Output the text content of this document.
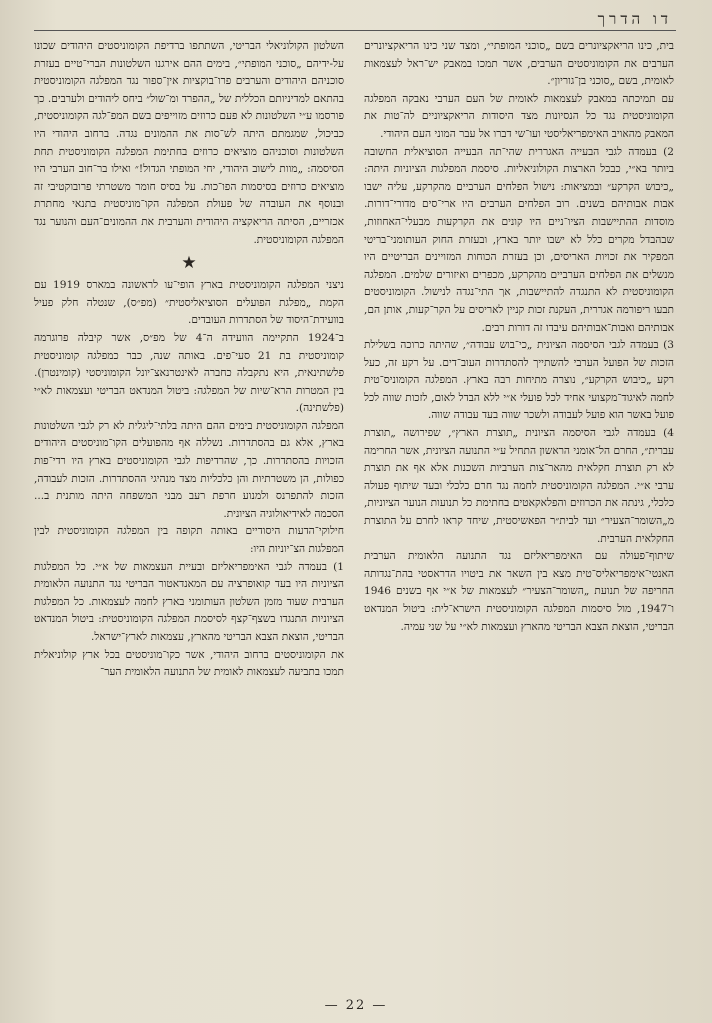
דו הדרך

השלטון הקולוניאלי הבריטי, השתתפו ברדיפת הקומוניסטים היהודים שכונו על-ידיהם „סוכני המופתי״, בימים ההם אירגנו השלטונות הברי־טיים בעזרת סוכניהם היהודים והערבים פרו־בוקציות אין־ספור נגד המפלגה הקומוניסטית בהתאם למדיניותם הכללית של „ההפרד ומ־שול״ ביחס ליהודים ולערבים. כך פורסמו ע״י השלטונות לא פעם כרוזים מזוייפים בשם המפ־לגה הקומוניסטית, כביכול, שמגמתם היתה לש־סות את ההמונים נגדה. ברחוב היהודי היו השלטונות וסוכניהם מוציאים כרוזים בחתימת המפלגה הקומוניסטית תחת הסיסמה: „מוות לישוב היהודי, יחי המופתי הגדול!״ ואילו בר־חוב הערבי היו מוציאים כרוזים בסיסמות הפו־כות. על בסיס חומר משטרתי פרובוקטיבי זה ובנוסף את העובדה של פעולת המפלגה הקו־מוניסטית בתנאי מחתרת אכזריים, הסיתה הריאקציה היהודית והערבית את ההמונים־העם והנוער נגד המפלגה הקומוניסטית.

★

ניצני המפלגה הקומוניסטית בארץ הופי־עו לראשונה במארס 1919 עם הקמת „מפלגת הפועלים הסוציאליסטית״ (מפ״ס), שנטלה חלק פעיל בוועידת־היסוד של הסתדרות העובדים.

ב־1924 התקיימה הוועידה ה־4 של מפ״ס, אשר קיבלה פרוגרמה קומוניסטית בת 21 סעי־פים. באותה שנה, כבר כמפלגה קומוניסטית פלשתינאית, היא נתקבלה כחברה לאינטרנאצ־יונל הקומוניסטי (קומינטרן). בין המטרות הרא־שיות של המפלגה: ביטול המנדאט הבריטי ועצמאות לא״י (פלשתינה).

המפלגה הקומוניסטית בימים ההם היתה בלתי־ליגלית לא רק לגבי השלטונות בארץ, אלא גם בהסתדרות. נשללה אף מהפועלים הקו־מוניסטים היהודים הזכויות בהסתדרות. כך, שהרדיפות לגבי הקומוניסטים בארץ היו רדי־פות כפולות, הן משטרתיות והן כלכליות מצד מנהיגי ההסתדרות. הזכות לעבודה, הזכות להתפרנס ולמנוע חרפת רעב מבני המשפחה היתה מותנית ב... הסכמה לאידיאולוגיה הציונית.

חילוקי־הדעות היסודיים באותה תקופה בין המפלגה הקומוניסטית לבין המפלגות הצ־יוניות היו:

1) בעמדה לגבי האימפריאליזם ובעיית העצמאות של א״י. כל המפלגות הציוניות היו בעד קואופרציה עם המאנדאטור הבריטי נגד התנועה הלאומית הערבית שעוד מזמן השלטון העותומני בארץ לחמה לעצמאות. כל המפלגות הציוניות התנגדו בשצף־קצף לסיסמת המפלגה הקומוניסטית: ביטול המנדאט הבריטי, הוצאת הצבא הבריטי מהארץ, עצמאות לארץ־ישראל.

את הקומוניסטים ברחוב היהודי, אשר כקו־מוניסטים בכל ארץ קולוניאלית תמכו בתביעה לעצמאות לאומית של התנועה הלאומית הער־

בית, כינו הריאקציונרים בשם „סוכני המופתי״, ומצד שני כינו הריאקציונרים הערבים את הקומוניסטים הערבים, אשר תמכו במאבק יש־ראל לעצמאות לאומית, בשם „סוכני בן־גוריון״.

עם תמיכתה במאבק לעצמאות לאומית של העם הערבי נאבקה המפלגה הקומוניסטית נגד כל הנסיונות מצד היסודות הריאקציוניים לה־טות את המאבק מהאויב האימפריאליסטי ועו־שי דברו אל עבר המוני העם היהודי.

2) בעמדה לגבי הבעייה האגררית שהי־תה הבעייה הסוציאלית החשובה ביותר בא״י, כבכל הארצות הקולוניאליות. סיסמת המפלגות הציוניות היתה: „כיבוש הקרקע״ ובמציאות: נישול הפלחים הערביים מהקרקע, עליה ישבו אבות אבותיהם בשנים. רוב הפלחים הערבים היו ארי־סים מדורי־דורות. מוסדות ההתיישבות הציו־ניים היו קונים את הקרקעות מבעלי־האחוזות, שבהבדל מקרים כלל לא ישבו יותר בארץ, ובעזרת החוק העותומני־בריטי המפקיר את זכויות האריסים, וכן בעזרת הכוחות המזויינים הבריטיים היו מנשלים את הפלחים הערביים מהקרקע, מכפרים ואיזורים שלמים. המפלגה הקומוניסטית לא התנגדה להתיישבות, אך התי־נגדה לנישול. הקומוניסטים תבעו ריפורמה אגררית, העקנת זכות קניין לאריסים על הקר־קעות, אותן הם, אבותיהם ואבות־אבותיהם עיבדו זה דורות רבים.

3) בעמדה לגבי הסיסמה הציונית „כי־בוש עבודה״, שהיתה כרוכה בשלילת הזכות של הפועל הערבי להשתייך להסתדרות העוב־דים. על רקע זה, כעל רקע „כיבוש הקרקע״, נוצרה מתיחות רבה בארץ. המפלגה הקומוניס־טית לחמה לאיגוד־מקצועי אחיד לכל פועלי א״י ללא הבדל לאום, לזכות שווה לכל פועל באשר הוא פועל לעבודה ולשכר שווה בעד עבודה שווה.

4) בעמדה לגבי הסיסמה הציונית „תוצרת הארץ״, שפירושה „תוצרת עברית״, החרם הל־אומני הראשון התחיל ע״י התנועה הציונית, אשר החרימה לא רק תוצרת חקלאית מהאר־צות הערביות השכנות אלא אף את תוצרת ערבי א״י. המפלגה הקומוניסטית לחמה נגד חרם כלכלי ובעד שיתוף פעולה כלכלי, גינתה את הכרוזים והפלאקאטים בחתימת כל תנועות הנוער הציוניות, מ„השומר־הצעיר״ ועד לבית״ר הפאשיסטית, שיחד קראו לחרם על התוצרת החקלאית הערבית.

שיתוף־פעולה עם האימפריאליזם נגד התנועה הלאומית הערבית האנטי־אימפריאליס־טית מצא בין השאר את ביטויו הדראסטי בהת־נגדותה החריפה של תנועת „השומר־הצעיר״ לעצמאות של א״י אף בשנים 1946 ו־1947, מול סיסמות המפלגה הקומוניסטית הישרא־לית: ביטול המנדאט הבריטי, הוצאת הצבא הבריטי מהארץ ועצמאות לא״י על שני עמיה.

— 22 —
